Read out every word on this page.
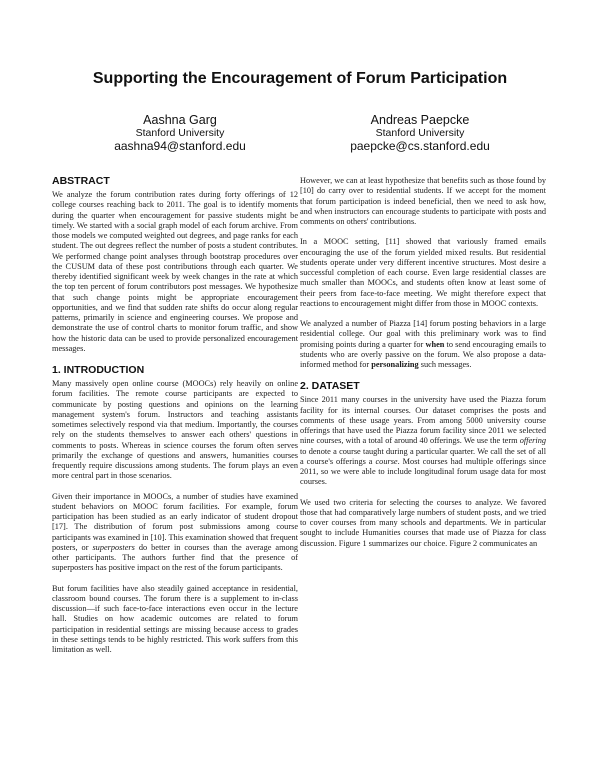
Supporting the Encouragement of Forum Participation
Aashna Garg
Stanford University
aashna94@stanford.edu
Andreas Paepcke
Stanford University
paepcke@cs.stanford.edu
ABSTRACT

We analyze the forum contribution rates during forty offerings of 12 college courses reaching back to 2011. The goal is to identify moments during the quarter when encouragement for passive students might be timely. We started with a social graph model of each forum archive. From those models we computed weighted out degrees, and page ranks for each student. The out degrees reflect the number of posts a student contributes. We performed change point analyses through bootstrap procedures over the CUSUM data of these post contributions through each quarter. We thereby identified significant week by week changes in the rate at which the top ten percent of forum contributors post messages. We hypothesize that such change points might be appropriate encouragement opportunities, and we find that sudden rate shifts do occur along regular patterns, primarily in science and engineering courses. We propose and demonstrate the use of control charts to monitor forum traffic, and show how the historic data can be used to provide personalized encouragement messages.

1. INTRODUCTION

Many massively open online course (MOOCs) rely heavily on online forum facilities. The remote course participants are expected to communicate by posting questions and opinions on the learning management system's forum. Instructors and teaching assistants sometimes selectively respond via that medium. Importantly, the courses rely on the students themselves to answer each others' questions in comments to posts. Whereas in science courses the forum often serves primarily the exchange of questions and answers, humanities courses frequently require discussions among students. The forum plays an even more central part in those scenarios.

Given their importance in MOOCs, a number of studies have examined student behaviors on MOOC forum facilities. For example, forum participation has been studied as an early indicator of student dropout [17]. The distribution of forum post submissions among course participants was examined in [10]. This examination showed that frequent posters, or superposters do better in courses than the average among other participants. The authors further find that the presence of superposters has positive impact on the rest of the forum participants.

But forum facilities have also steadily gained acceptance in residential, classroom bound courses. The forum there is a supplement to in-class discussion—if such face-to-face interactions even occur in the lecture hall. Studies on how academic outcomes are related to forum participation in residential settings are missing because access to grades in these settings tends to be highly restricted. This work suffers from this limitation as well.

However, we can at least hypothesize that benefits such as those found by [10] do carry over to residential students. If we accept for the moment that forum participation is indeed beneficial, then we need to ask how, and when instructors can encourage students to participate with posts and comments on others' contributions.

In a MOOC setting, [11] showed that variously framed emails encouraging the use of the forum yielded mixed results. But residential students operate under very different incentive structures. Most desire a successful completion of each course. Even large residential classes are much smaller than MOOCs, and students often know at least some of their peers from face-to-face meeting. We might therefore expect that reactions to encouragement might differ from those in MOOC contexts.

We analyzed a number of Piazza [14] forum posting behaviors in a large residential college. Our goal with this preliminary work was to find promising points during a quarter for when to send encouraging emails to students who are overly passive on the forum. We also propose a data-informed method for personalizing such messages.

2. DATASET

Since 2011 many courses in the university have used the Piazza forum facility for its internal courses. Our dataset comprises the posts and comments of these usage years. From among 5000 university course offerings that have used the Piazza forum facility since 2011 we selected nine courses, with a total of around 40 offerings. We use the term offering to denote a course taught during a particular quarter. We call the set of all a course's offerings a course. Most courses had multiple offerings since 2011, so we were able to include longitudinal forum usage data for most courses.

We used two criteria for selecting the courses to analyze. We favored those that had comparatively large numbers of student posts, and we tried to cover courses from many schools and departments. We in particular sought to include Humanities courses that made use of Piazza for class discussion. Figure 1 summarizes our choice. Figure 2 communicates an
